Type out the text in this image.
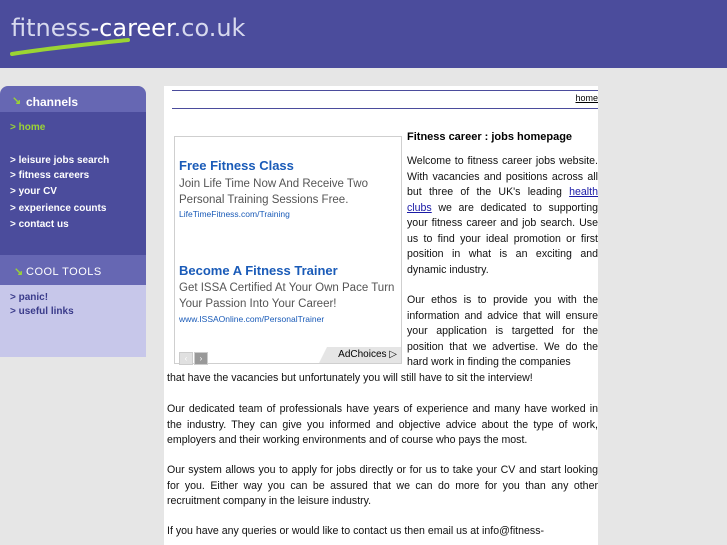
fitness-career.co.uk
↘ channels
> home
> leisure jobs search
> fitness careers
> your CV
> experience counts
> contact us
↘ COOL TOOLS
> panic!
> useful links
home
Free Fitness Class
Join Life Time Now And Receive Two Personal Training Sessions Free.
LifeTimeFitness.com/Training
Become A Fitness Trainer
Get ISSA Certified At Your Own Pace Turn Your Passion Into Your Career!
www.ISSAOnline.com/PersonalTrainer
‹ ›	AdChoices ▷
Fitness career : jobs homepage
Welcome to fitness career jobs website. With vacancies and positions across all but three of the UK's leading health clubs we are dedicated to supporting your fitness career and job search. Use us to find your ideal promotion or first position in what is an exciting and dynamic industry.
Our ethos is to provide you with the information and advice that will ensure your application is targetted for the position that we advertise. We do the hard work in finding the companies
that have the vacancies but unfortunately you will still have to sit the interview!
Our dedicated team of professionals have years of experience and many have worked in the industry. They can give you informed and objective advice about the type of work, employers and their working environments and of course who pays the most.
Our system allows you to apply for jobs directly or for us to take your CV and start looking for you. Either way you can be assured that we can do more for you than any other recruitment company in the leisure industry.
If you have any queries or would like to contact us then email us at info@fitness-
